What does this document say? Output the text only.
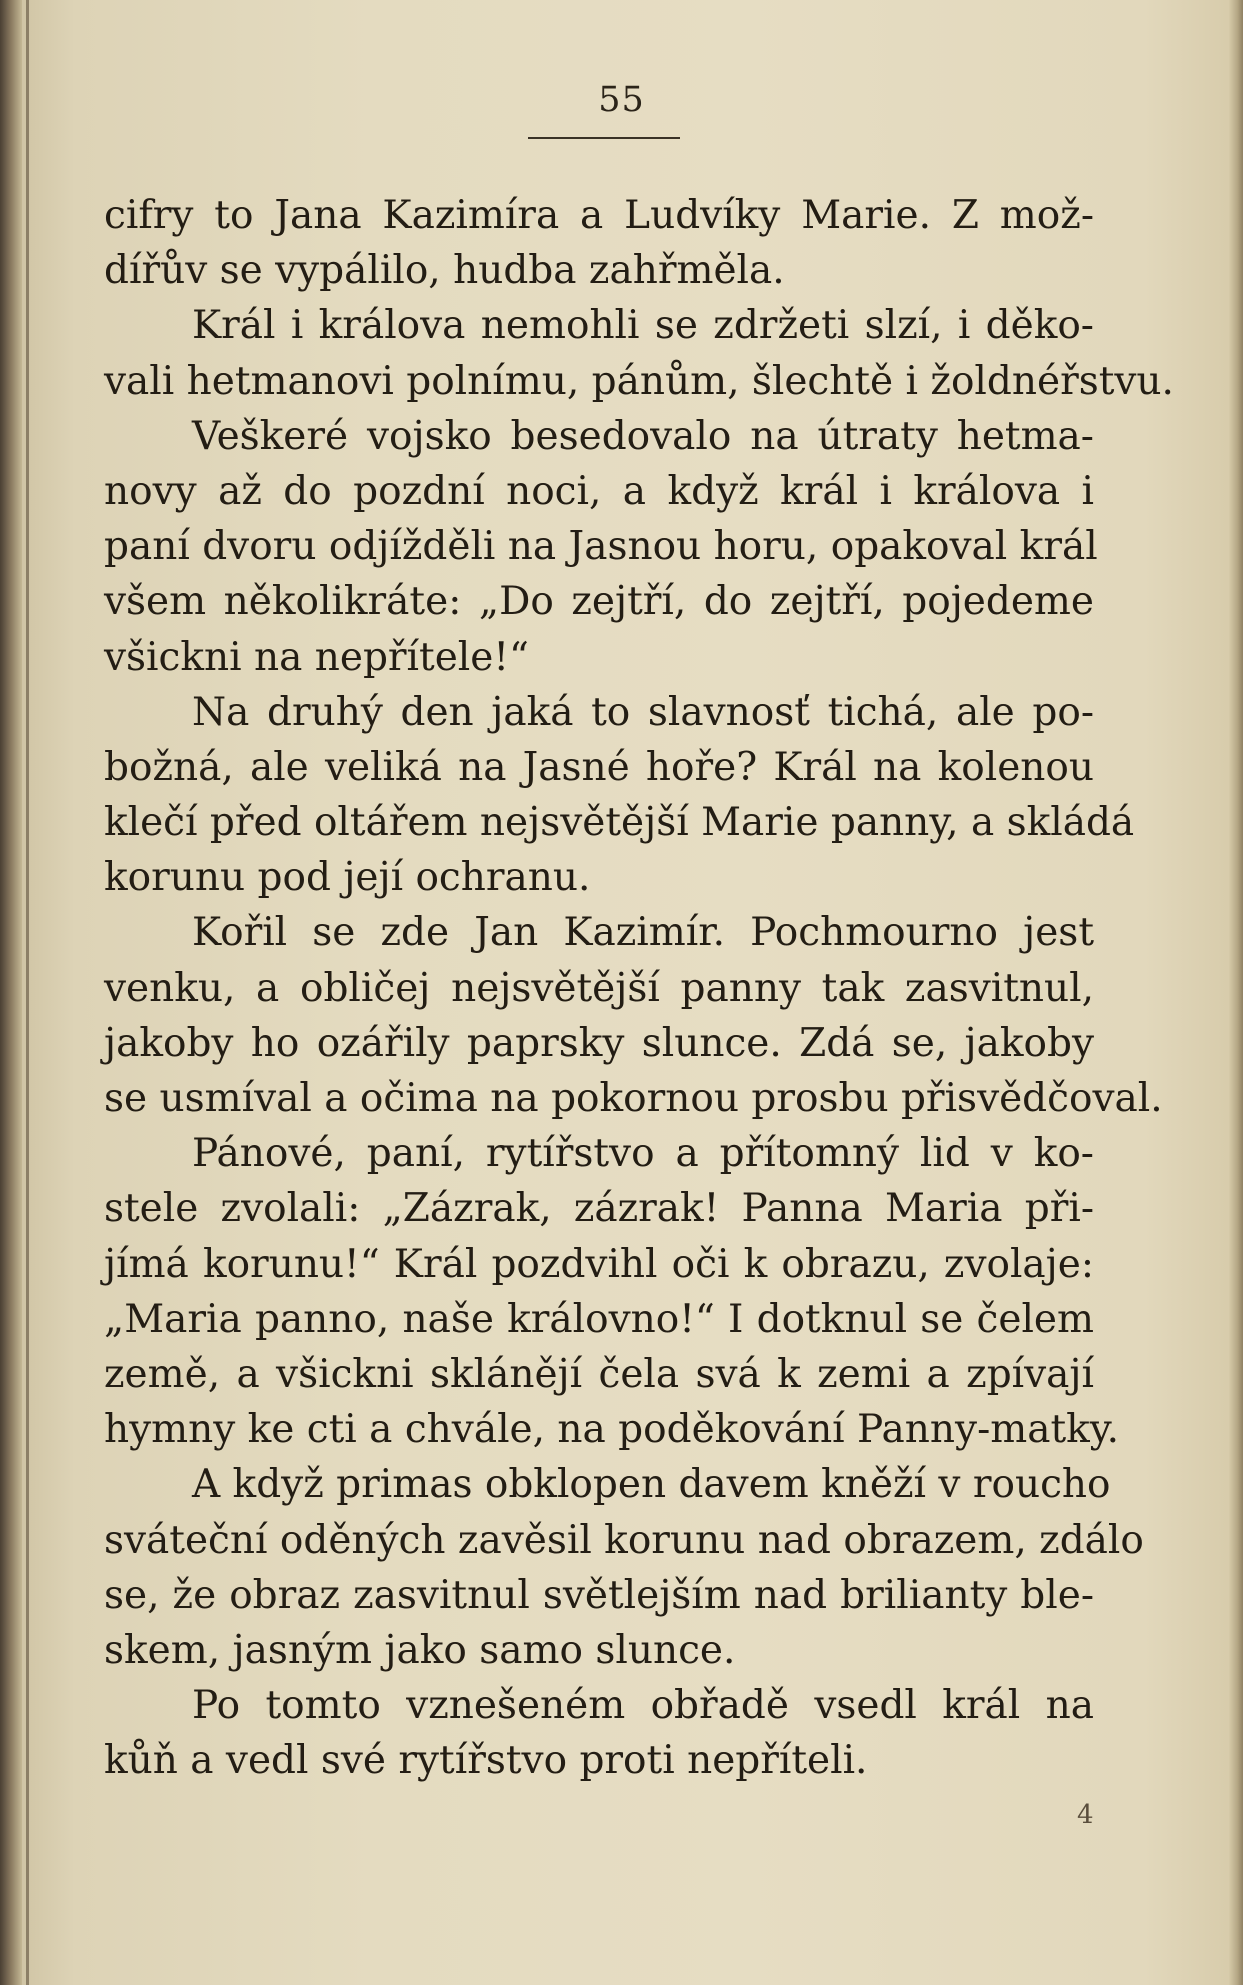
55
cifry to Jana Kazimíra a Ludvíky Marie. Z mož-
dířův se vypálilo, hudba zahřměla.
Král i králova nemohli se zdržeti slzí, i děko-
vali hetmanovi polnímu, pánům, šlechtě i žoldnéřstvu.
Veškeré vojsko besedovalo na útraty hetma-
novy až do pozdní noci, a když král i králova i
paní dvoru odjížděli na Jasnou horu, opakoval král
všem několikráte: „Do zejtří, do zejtří, pojedeme
všickni na nepřítele!“
Na druhý den jaká to slavnosť tichá, ale po-
božná, ale veliká na Jasné hoře? Král na kolenou
klečí před oltářem nejsvětější Marie panny, a skládá
korunu pod její ochranu.
Kořil se zde Jan Kazimír. Pochmourno jest
venku, a obličej nejsvětější panny tak zasvitnul,
jakoby ho ozářily paprsky slunce. Zdá se, jakoby
se usmíval a očima na pokornou prosbu přisvědčoval.
Pánové, paní, rytířstvo a přítomný lid v ko-
stele zvolali: „Zázrak, zázrak! Panna Maria při-
jímá korunu!“ Král pozdvihl oči k obrazu, zvolaje:
„Maria panno, naše královno!“ I dotknul se čelem
země, a všickni sklánějí čela svá k zemi a zpívají
hymny ke cti a chvále, na poděkování Panny-matky.
A když primas obklopen davem kněží v roucho
sváteční oděných zavěsil korunu nad obrazem, zdálo
se, že obraz zasvitnul světlejším nad brilianty ble-
skem, jasným jako samo slunce.
Po tomto vznešeném obřadě vsedl král na
kůň a vedl své rytířstvo proti nepříteli.
4
